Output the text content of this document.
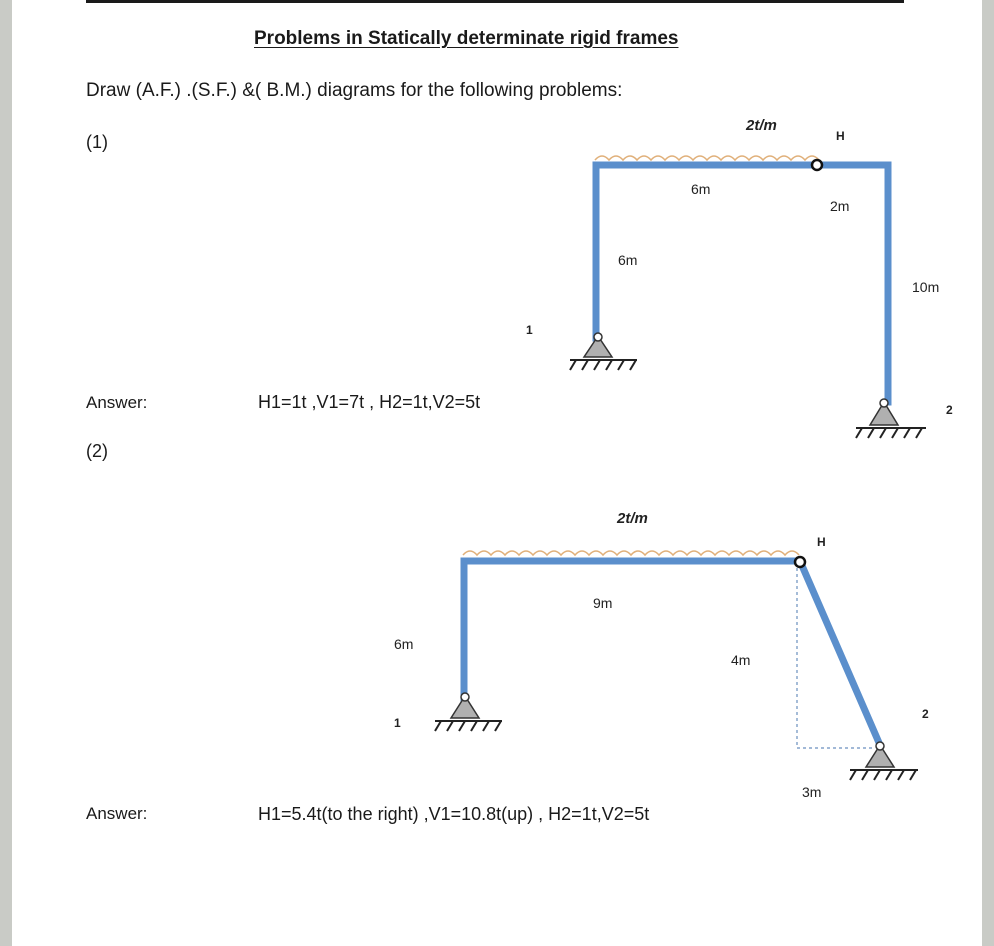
Problems in Statically determinate rigid frames
Draw (A.F.) .(S.F.) &( B.M.) diagrams for the following problems:
(1)
Answer:	H1=1t ,V1=7t , H2=1t,V2=5t
(2)
Answer:	H1=5.4t(to the right) ,V1=10.8t(up) , H2=1t,V2=5t
2t/m
H
6m
2m
6m
10m
1
2
2t/m
H
9m
6m
4m
1
2
3m
